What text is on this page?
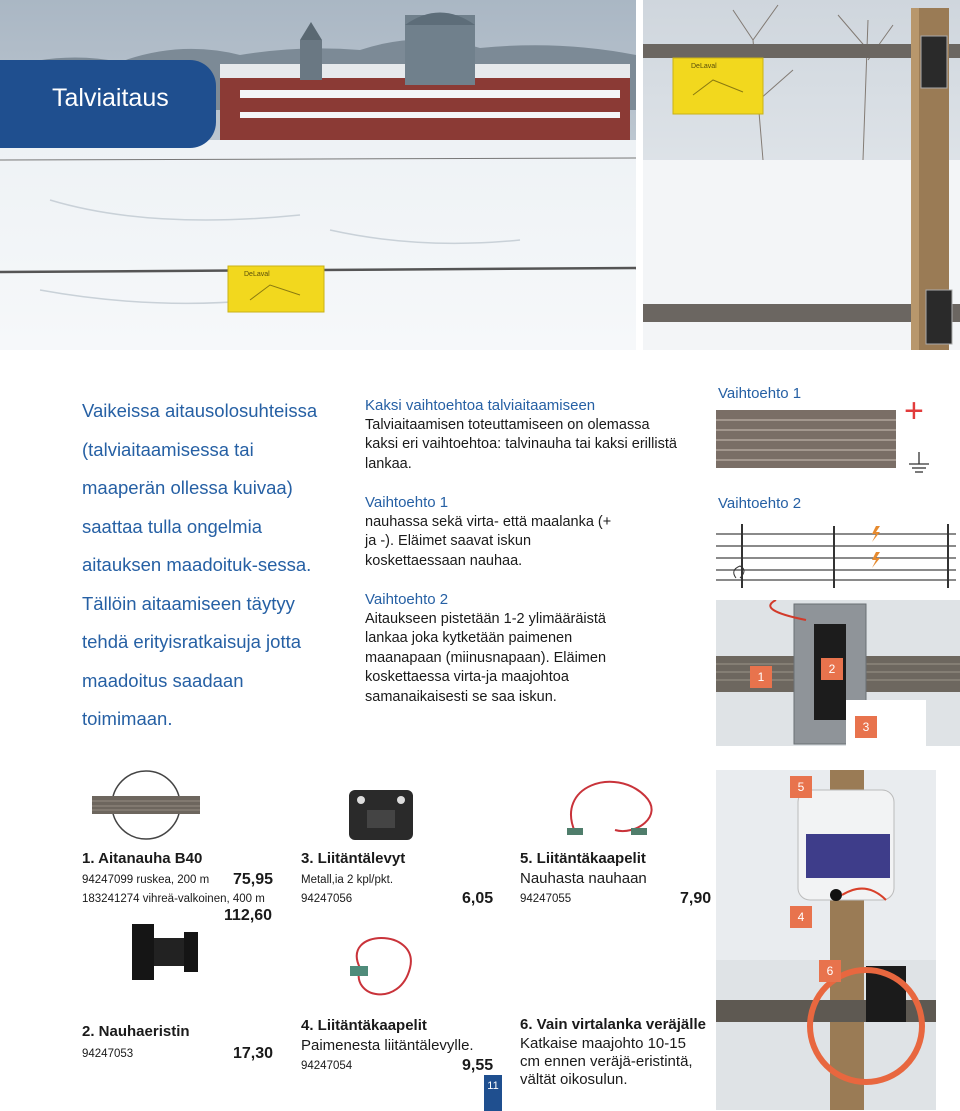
DeLaval
DeLaval
Talviaitaus
Vaikeissa aitausolosuhteissa (talviaitaamisessa tai maaperän ollessa kuivaa) saattaa tulla ongelmia aitauksen maadoituk-sessa. Tällöin aitaamiseen täytyy tehdä erityisratkaisuja jotta maadoitus saadaan toimimaan.

Kaksi vaihtoehtoa talviaitaamiseen

Talviaitaamisen toteuttamiseen on olemassa kaksi eri vaihtoehtoa: talvinauha tai kaksi erillistä lankaa.

Vaihtoehto 1

nauhassa sekä virta- että maalanka (+ ja -). Eläimet saavat iskun koskettaessaan nauhaa.

Vaihtoehto 2

Aitaukseen pistetään 1-2 ylimääräistä lankaa joka kytketään paimenen maanapaan (miinusnapaan). Eläimen koskettaessa virta-ja maajohtoa samanaikaisesti se saa iskun.

Vaihtoehto 1	+
Vaihtoehto 2
1
2
3
4
5
6
1. Aitanauha B40
94247099 ruskea, 200 m 75,95
183241274 vihreä-valkoinen, 400 m
112,60
2. Nauhaeristin
94247053	17,30
3. Liitäntälevyt
Metall,ia 2 kpl/pkt.
94247056	6,05
4. Liitäntäkaapelit
Paimenesta liitäntälevylle.
94247054	9,55
5. Liitäntäkaapelit
Nauhasta nauhaan
94247055	7,90
6. Vain virtalanka veräjälle
Katkaise maajohto 10-15 cm ennen veräjä-eristintä, vältät oikosulun.
11
